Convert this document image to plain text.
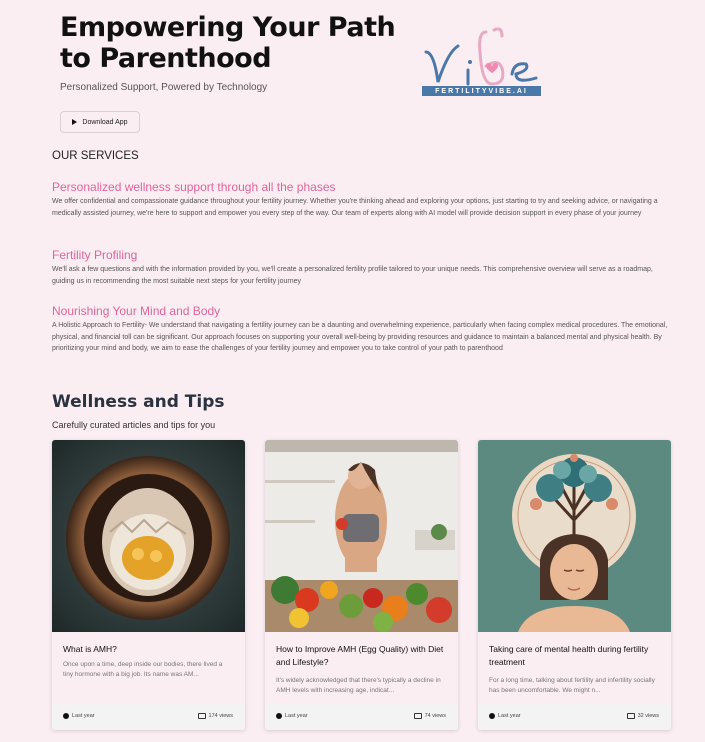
Empowering Your Path
to Parenthood
Personalized Support, Powered by Technology
Download App
FERTILITYVIBE.AI
OUR SERVICES

Personalized wellness support through all the phases

We offer confidential and compassionate guidance throughout your fertility journey. Whether you're thinking ahead and exploring your options, just starting to try and seeking advice, or navigating a medically assisted journey, we're here to support and empower you every step of the way. Our team of experts along with AI model will provide decision support in every phase of your journey

Fertility Profiling

We'll ask a few questions and with the information provided by you, we'll create a personalized fertility profile tailored to your unique needs. This comprehensive overview will serve as a roadmap, guiding us in recommending the most suitable next steps for your fertility journey

Nourishing Your Mind and Body

A Holistic Approach to Fertility- We understand that navigating a fertility journey can be a daunting and overwhelming experience, particularly when facing complex medical procedures. The emotional, physical, and financial toll can be significant. Our approach focuses on supporting your overall well-being by providing resources and guidance to maintain a balanced mental and physical health. By prioritizing your mind and body, we aim to ease the challenges of your fertility journey and empower you to take control of your path to parenthood

Wellness and Tips
Carefully curated articles and tips for you
What is AMH?
Once upon a time, deep inside our bodies, there lived a tiny hormone with a big job. Its name was AM...
Last year	174 views
How to Improve AMH (Egg Quality) with Diet and Lifestyle?
It's widely acknowledged that there's typically a decline in AMH levels with increasing age, indicat...
Last year	74 views
Taking care of mental health during fertility treatment
For a long time, talking about fertility and infertility socially has been uncomfortable. We might n...
Last year	32 views
